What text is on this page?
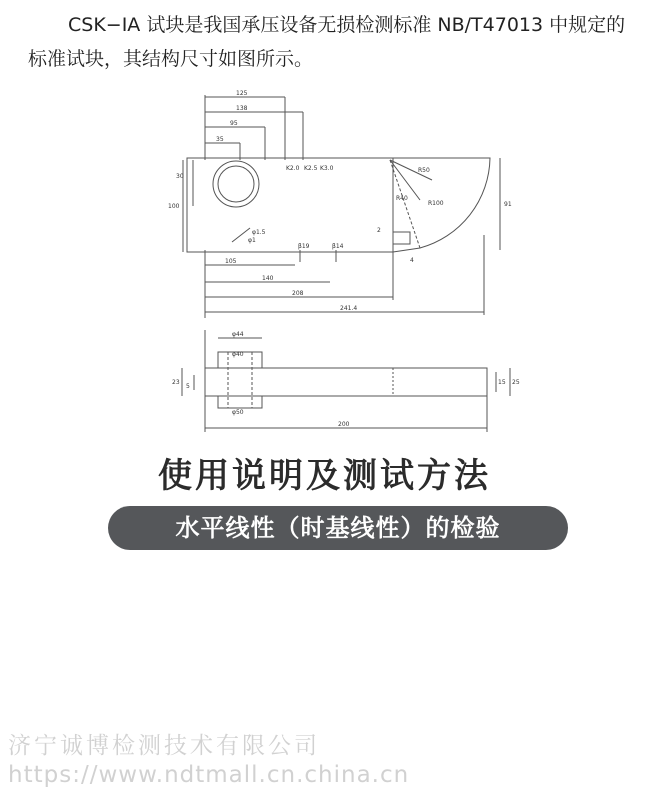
CSK−IA 试块是我国承压设备无损检测标准 NB/T47013 中规定的标准试块，其结构尺寸如图所示。

125
138
95
35
K2.0 K2.5 K3.0
30
100
R50
R100
R40
91
φ1.5
φ1
β19	β14
105
140
208
241.4
2
4
φ44
φ40
φ50
23
5
15 25
200
使用说明及测试方法
水平线性（时基线性）的检验
济宁诚博检测技术有限公司
https://www.ndtmall.cn.china.cn
